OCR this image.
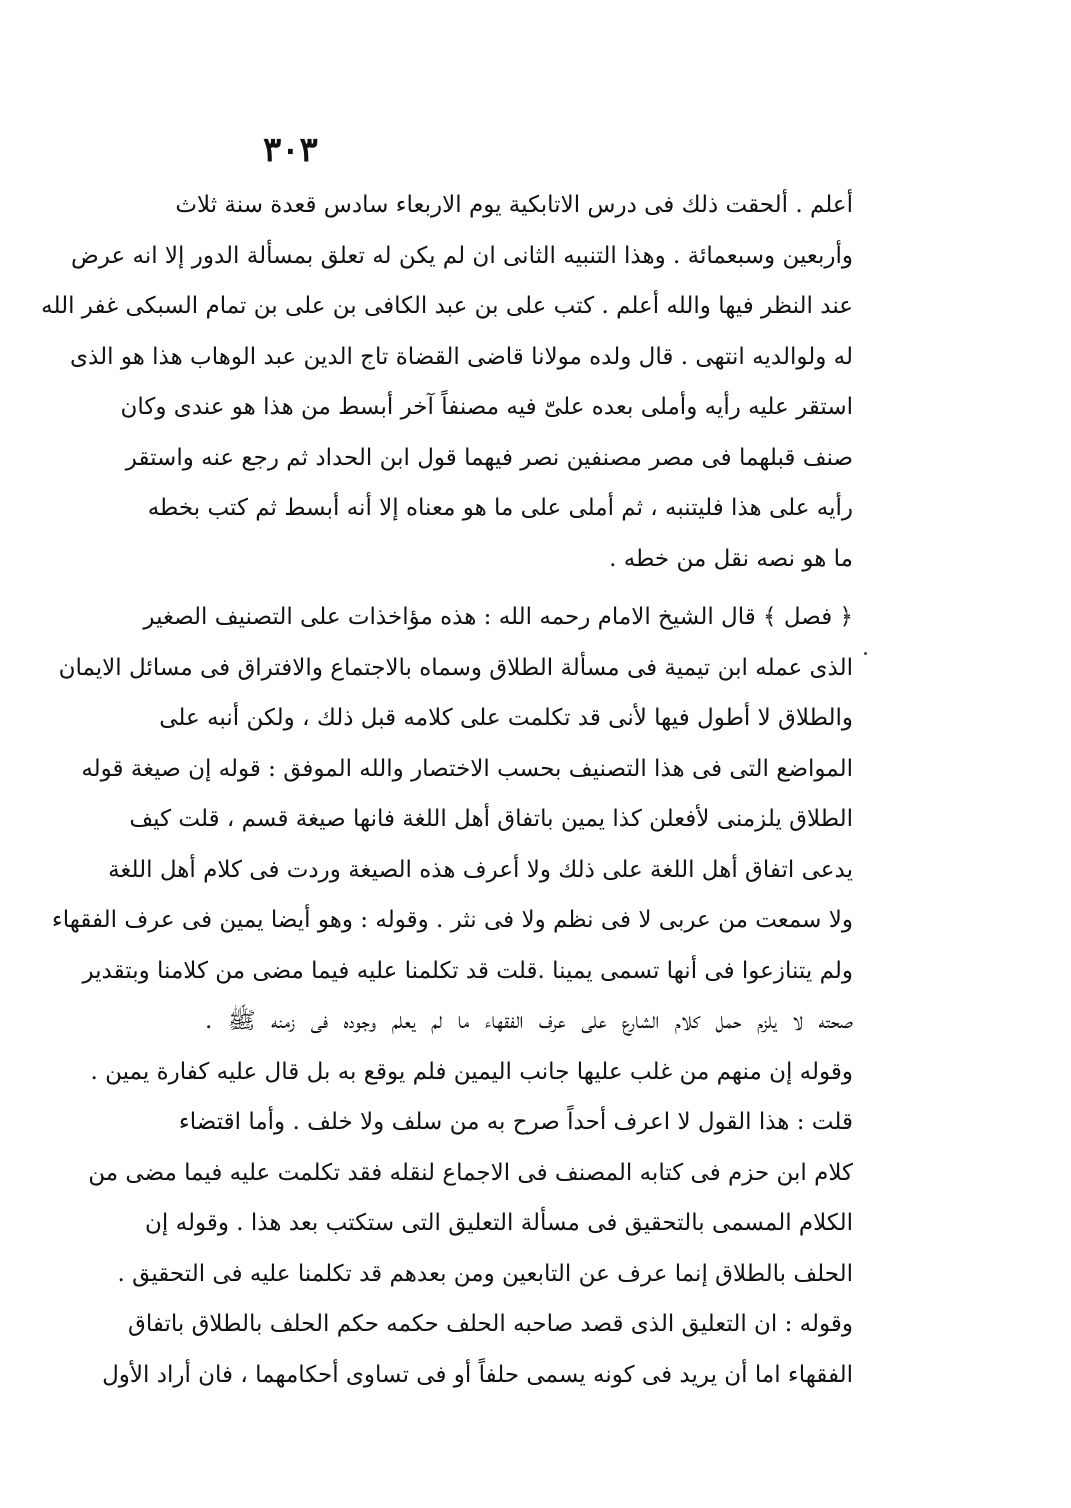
٣٠٣
أعلم . ألحقت ذلك فى درس الاتابكية يوم الاربعاء سادس قعدة سنة ثلاث
وأربعين وسبعمائة . وهذا التنبيه الثانى ان لم يكن له تعلق بمسألة الدور إلا انه عرض
عند النظر فيها والله أعلم . كتب على بن عبد الكافى بن على بن تمام السبكى غفر الله
له ولوالديه انتهى . قال ولده مولانا قاضى القضاة تاج الدين عبد الوهاب هذا هو الذى
استقر عليه رأيه وأملى بعده علىّ فيه مصنفاً آخر أبسط من هذا هو عندى وكان
صنف قبلهما فى مصر مصنفين نصر فيهما قول ابن الحداد ثم رجع عنه واستقر
رأيه على هذا فليتنبه ، ثم أملى على ما هو معناه إلا أنه أبسط ثم كتب بخطه
ما هو نصه نقل من خطه .
﴿ فصل ﴾ قال الشيخ الامام رحمه الله : هذه مؤاخذات على التصنيف الصغير
الذى عمله ابن تيمية فى مسألة الطلاق وسماه بالاجتماع والافتراق فى مسائل الايمان
والطلاق لا أطول فيها لأنى قد تكلمت على كلامه قبل ذلك ، ولكن أنبه على
المواضع التى فى هذا التصنيف بحسب الاختصار والله الموفق : قوله إن صيغة قوله
الطلاق يلزمنى لأفعلن كذا يمين باتفاق أهل اللغة فانها صيغة قسم ، قلت كيف
يدعى اتفاق أهل اللغة على ذلك ولا أعرف هذه الصيغة وردت فى كلام أهل اللغة
ولا سمعت من عربى لا فى نظم ولا فى نثر . وقوله : وهو أيضا يمين فى عرف الفقهاء
ولم يتنازعوا فى أنها تسمى يمينا .قلت قد تكلمنا عليه فيما مضى من كلامنا وبتقدير
صحته لا يلزم حمل كلام الشارع على عرف الفقهاء ما لم يعلم وجوده فى زمنه ﷺ .
وقوله إن منهم من غلب عليها جانب اليمين فلم يوقع به بل قال عليه كفارة يمين .
قلت : هذا القول لا اعرف أحداً صرح به من سلف ولا خلف . وأما اقتضاء
كلام ابن حزم فى كتابه المصنف فى الاجماع لنقله فقد تكلمت عليه فيما مضى من
الكلام المسمى بالتحقيق فى مسألة التعليق التى ستكتب بعد هذا . وقوله إن
الحلف بالطلاق إنما عرف عن التابعين ومن بعدهم قد تكلمنا عليه فى التحقيق .
وقوله : ان التعليق الذى قصد صاحبه الحلف حكمه حكم الحلف بالطلاق باتفاق
الفقهاء اما أن يريد فى كونه يسمى حلفاً أو فى تساوى أحكامهما ، فان أراد الأول
